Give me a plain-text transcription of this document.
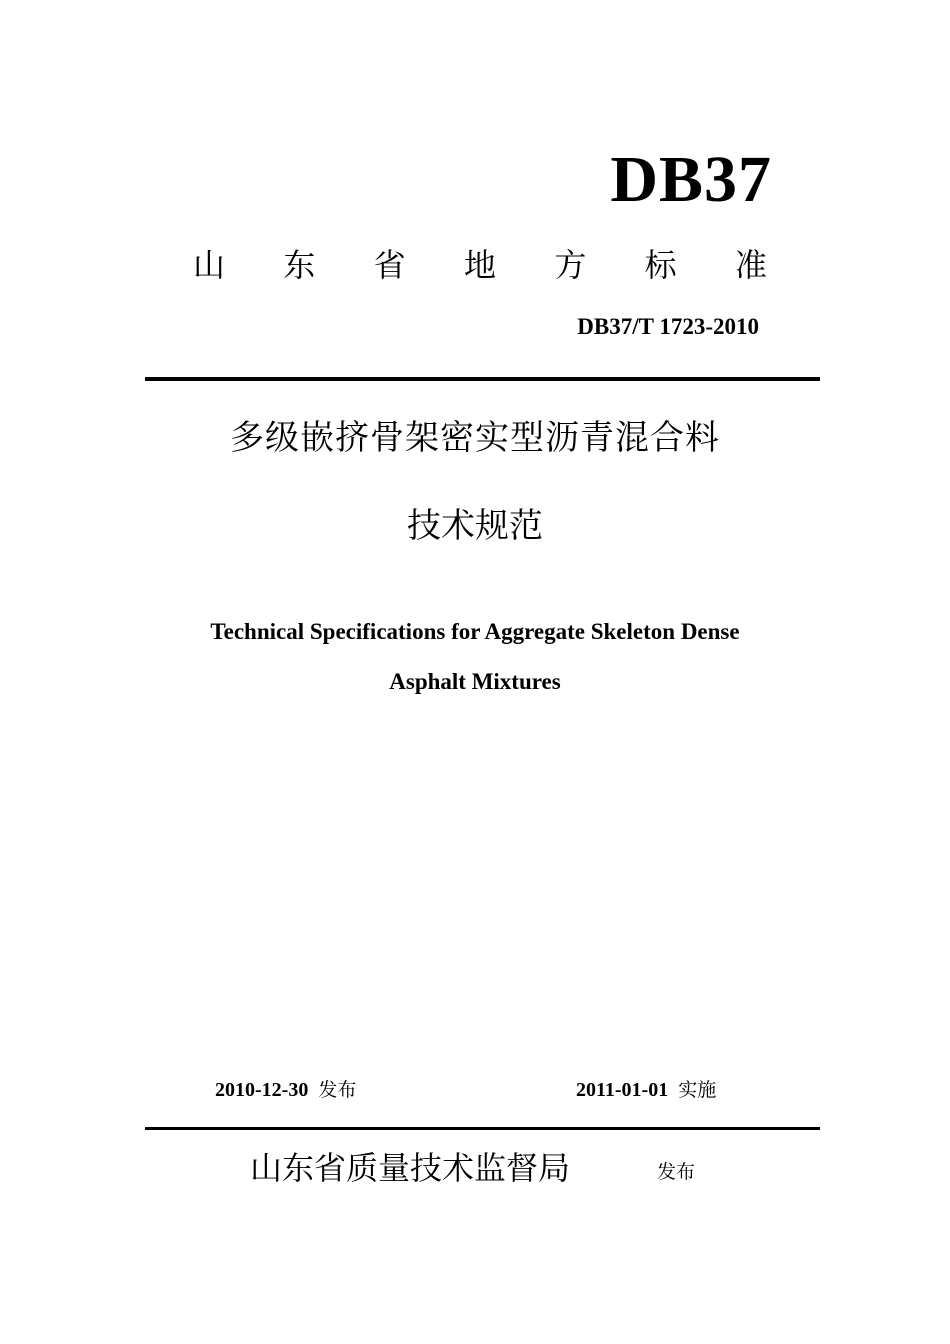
DB37
山 东 省 地 方 标 准
DB37/T 1723-2010
多级嵌挤骨架密实型沥青混合料
技术规范
Technical Specifications for Aggregate Skeleton Dense
Asphalt Mixtures
2010-12-30 发布	2011-01-01 实施
山东省质量技术监督局	发布
